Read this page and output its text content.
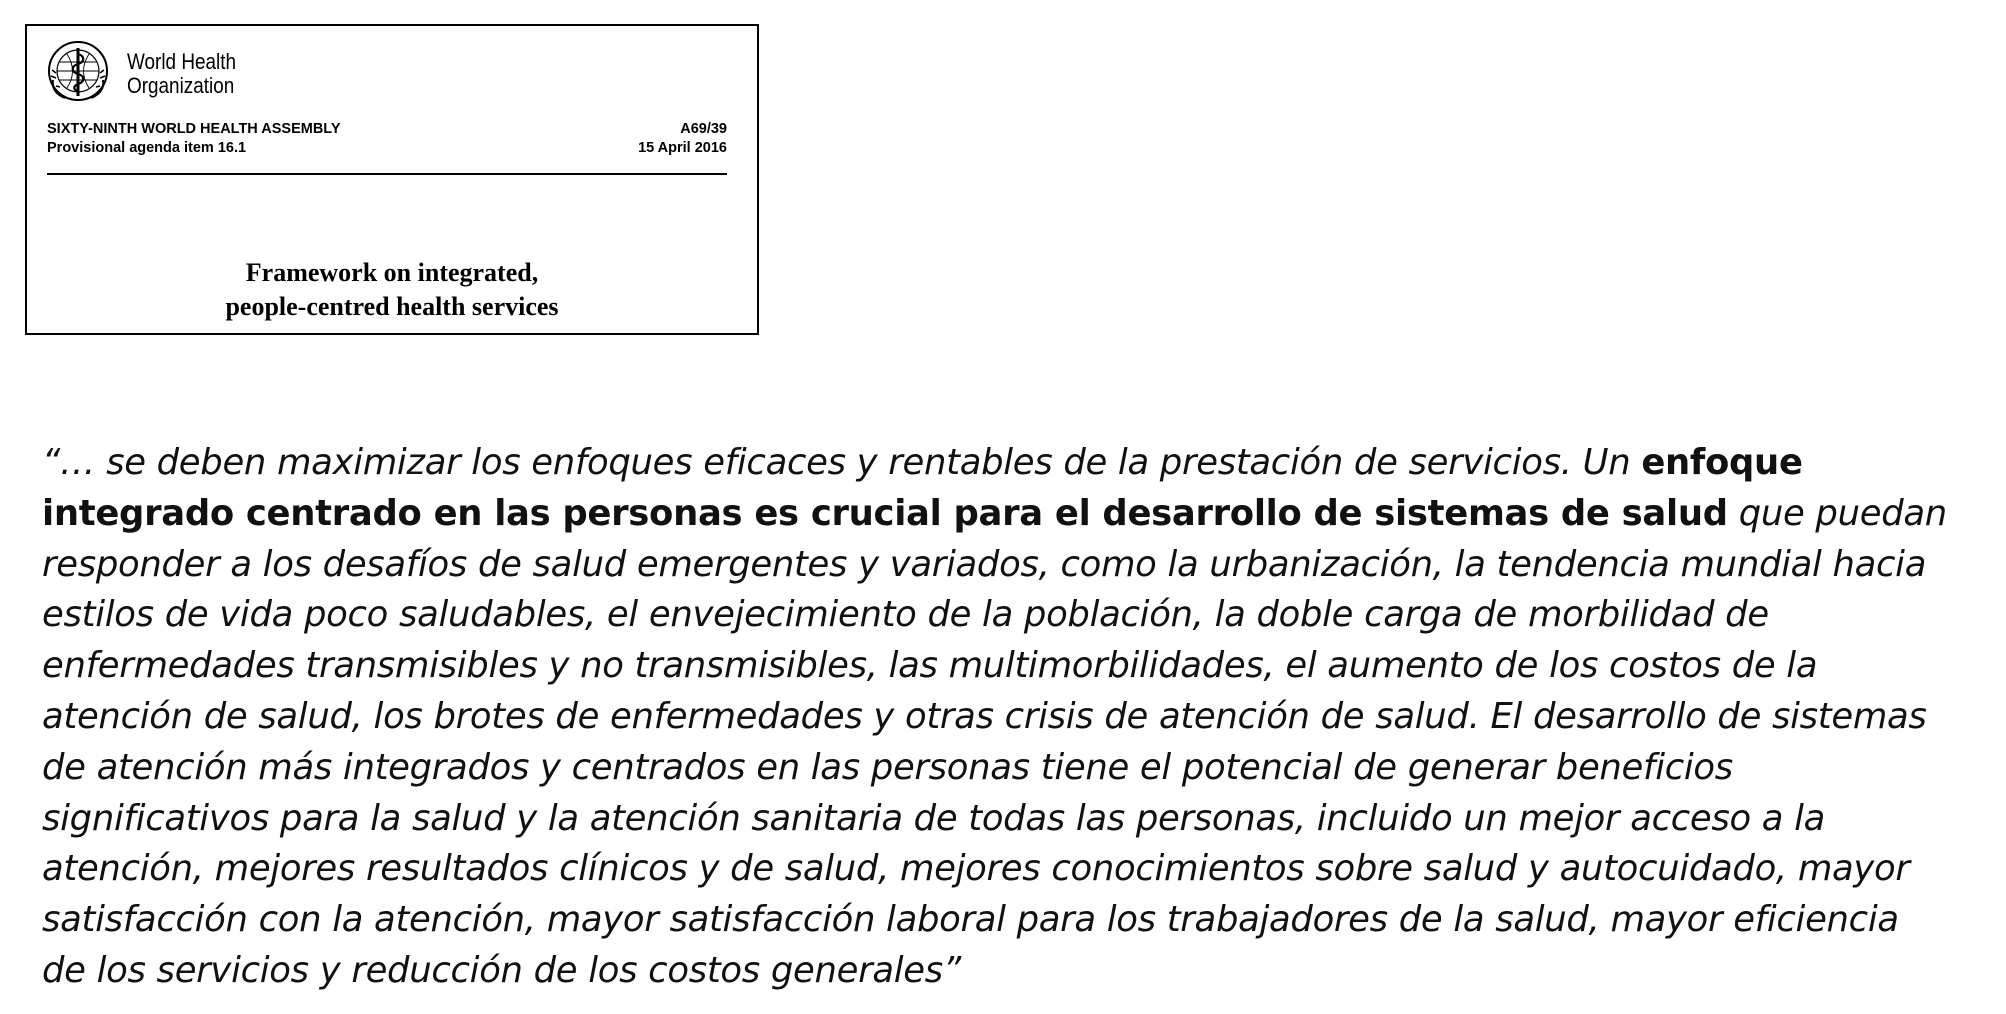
World Health
Organization
SIXTY-NINTH WORLD HEALTH ASSEMBLY
Provisional agenda item 16.1
A69/39
15 April 2016
Framework on integrated,
people-centred health services
“… se deben maximizar los enfoques eficaces y rentables de la prestación de servicios. Un enfoque
integrado centrado en las personas es crucial para el desarrollo de sistemas de salud que puedan
responder a los desafíos de salud emergentes y variados, como la urbanización, la tendencia mundial hacia
estilos de vida poco saludables, el envejecimiento de la población, la doble carga de morbilidad de
enfermedades transmisibles y no transmisibles, las multimorbilidades, el aumento de los costos de la
atención de salud, los brotes de enfermedades y otras crisis de atención de salud. El desarrollo de sistemas
de atención más integrados y centrados en las personas tiene el potencial de generar beneficios
significativos para la salud y la atención sanitaria de todas las personas, incluido un mejor acceso a la
atención, mejores resultados clínicos y de salud, mejores conocimientos sobre salud y autocuidado, mayor
satisfacción con la atención, mayor satisfacción laboral para los trabajadores de la salud, mayor eficiencia
de los servicios y reducción de los costos generales”
